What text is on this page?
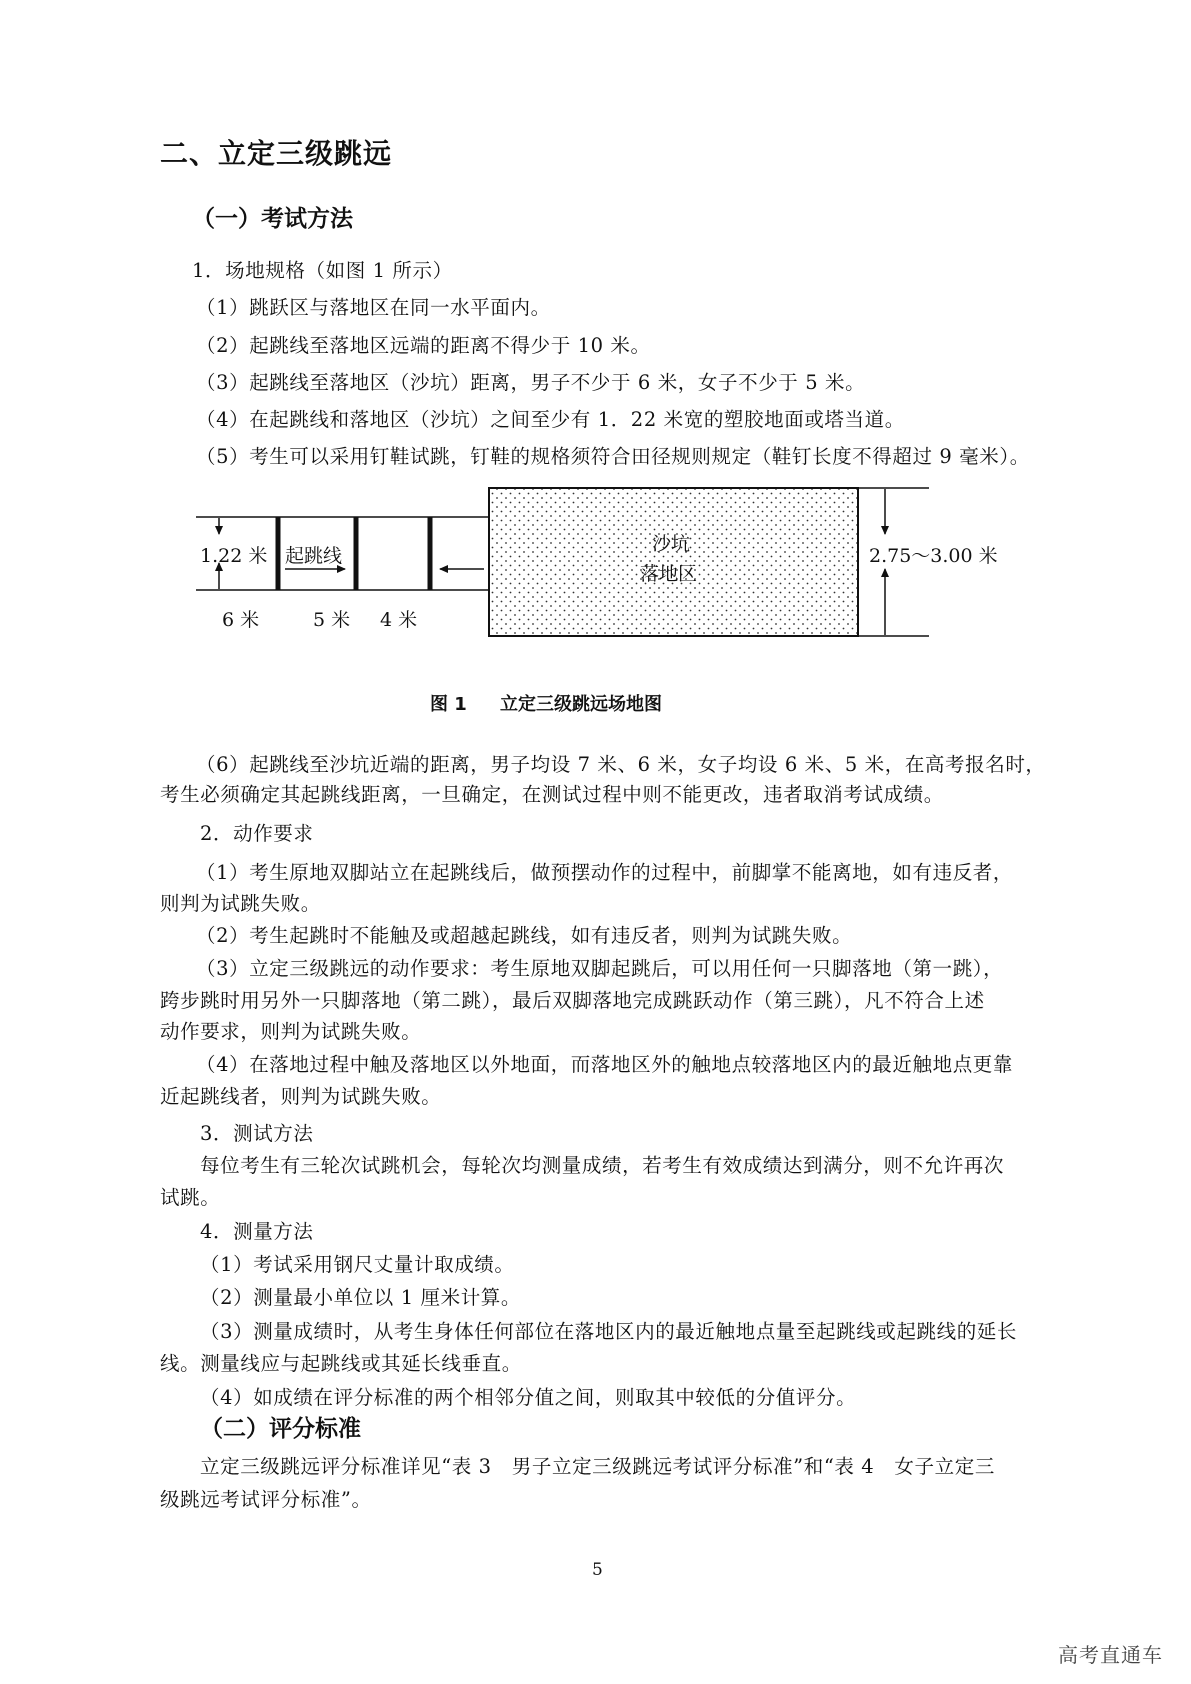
二、立定三级跳远
（一）考试方法
1．场地规格（如图 1 所示）
（1）跳跃区与落地区在同一水平面内。
（2）起跳线至落地区远端的距离不得少于 10 米。
（3）起跳线至落地区（沙坑）距离，男子不少于 6 米，女子不少于 5 米。
（4）在起跳线和落地区（沙坑）之间至少有 1．22 米宽的塑胶地面或塔当道。
（5）考生可以采用钉鞋试跳，钉鞋的规格须符合田径规则规定（鞋钉长度不得超过 9 毫米）。
1.22 米 起跳线
沙坑
落地区
2.75～3.00 米
6 米	5 米 4 米
图 1 立定三级跳远场地图
（6）起跳线至沙坑近端的距离，男子均设 7 米、6 米，女子均设 6 米、5 米，在高考报名时，
考生必须确定其起跳线距离，一旦确定，在测试过程中则不能更改，违者取消考试成绩。
2．动作要求
（1）考生原地双脚站立在起跳线后，做预摆动作的过程中，前脚掌不能离地，如有违反者，
则判为试跳失败。
（2）考生起跳时不能触及或超越起跳线，如有违反者，则判为试跳失败。
（3）立定三级跳远的动作要求：考生原地双脚起跳后，可以用任何一只脚落地（第一跳），
跨步跳时用另外一只脚落地（第二跳），最后双脚落地完成跳跃动作（第三跳），凡不符合上述
动作要求，则判为试跳失败。
（4）在落地过程中触及落地区以外地面，而落地区外的触地点较落地区内的最近触地点更靠
近起跳线者，则判为试跳失败。
3．测试方法
每位考生有三轮次试跳机会，每轮次均测量成绩，若考生有效成绩达到满分，则不允许再次
试跳。
4．测量方法
（1）考试采用钢尺丈量计取成绩。
（2）测量最小单位以 1 厘米计算。
（3）测量成绩时，从考生身体任何部位在落地区内的最近触地点量至起跳线或起跳线的延长
线。测量线应与起跳线或其延长线垂直。
（4）如成绩在评分标准的两个相邻分值之间，则取其中较低的分值评分。
（二）评分标准
立定三级跳远评分标准详见“表 3　男子立定三级跳远考试评分标准”和“表 4　女子立定三
级跳远考试评分标准”。
5
高考直通车
